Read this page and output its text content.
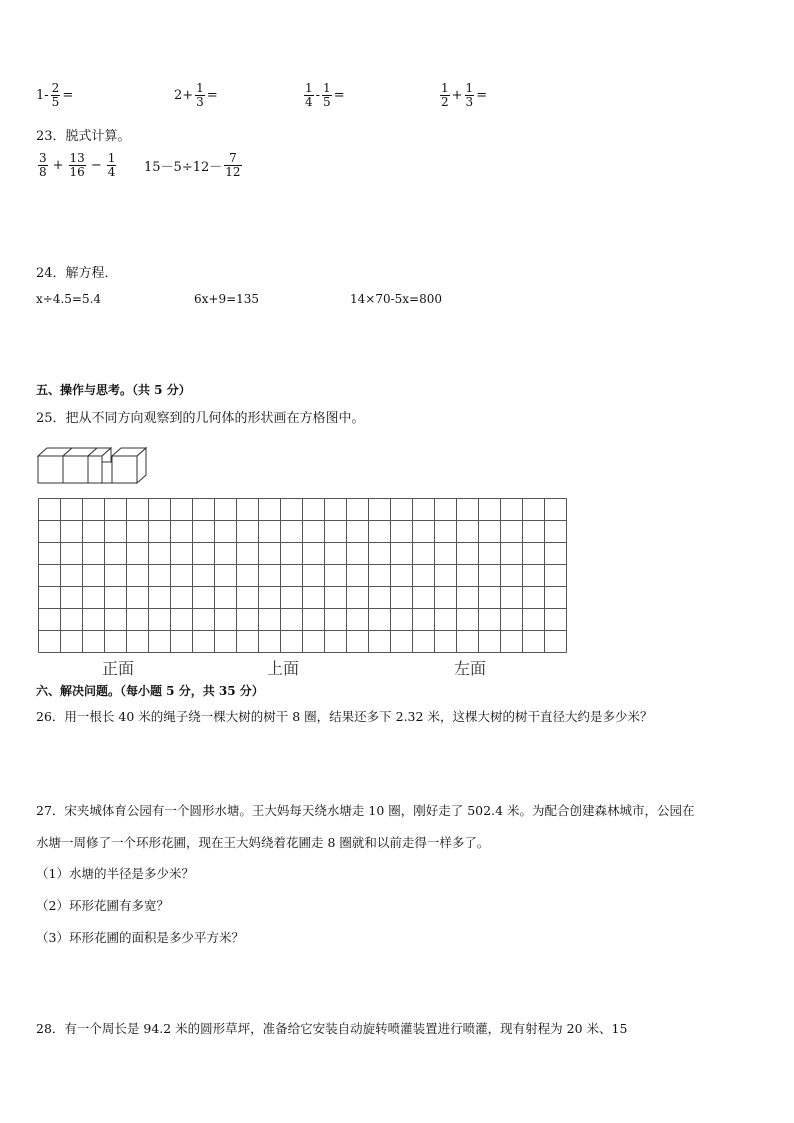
$1- \frac{2}{5}$ =	$2+ \frac{1}{3}$ =	$\frac{1}{4} - \frac{1}{5}$ =	$\frac{1}{2} + \frac{1}{3}$ =
23．脱式计算。
$\frac{3}{8} + \frac{13}{16} - \frac{1}{4} 15-5\div 12- \frac{7}{12}$
24．解方程．
x÷4.5=5.4	6x+9=135	14×70-5x=800
五、操作与思考。（共 5 分）
25．把从不同方向观察到的几何体的形状画在方格图中。
正面	上面	左面
六、解决问题。（每小题 5 分，共 35 分）
26．用一根长 40 米的绳子绕一棵大树的树干 8 圈，结果还多下 2.32 米，这棵大树的树干直径大约是多少米？
27．宋夹城体育公园有一个圆形水塘。王大妈每天绕水塘走 10 圈，刚好走了 502.4 米。为配合创建森林城市，公园在
水塘一周修了一个环形花圃，现在王大妈绕着花圃走 8 圈就和以前走得一样多了。
（1）水塘的半径是多少米？
（2）环形花圃有多宽？
（3）环形花圃的面积是多少平方米？
28．有一个周长是 94.2 米的圆形草坪，准备给它安装自动旋转喷灌装置进行喷灌，现有射程为 20 米、15
